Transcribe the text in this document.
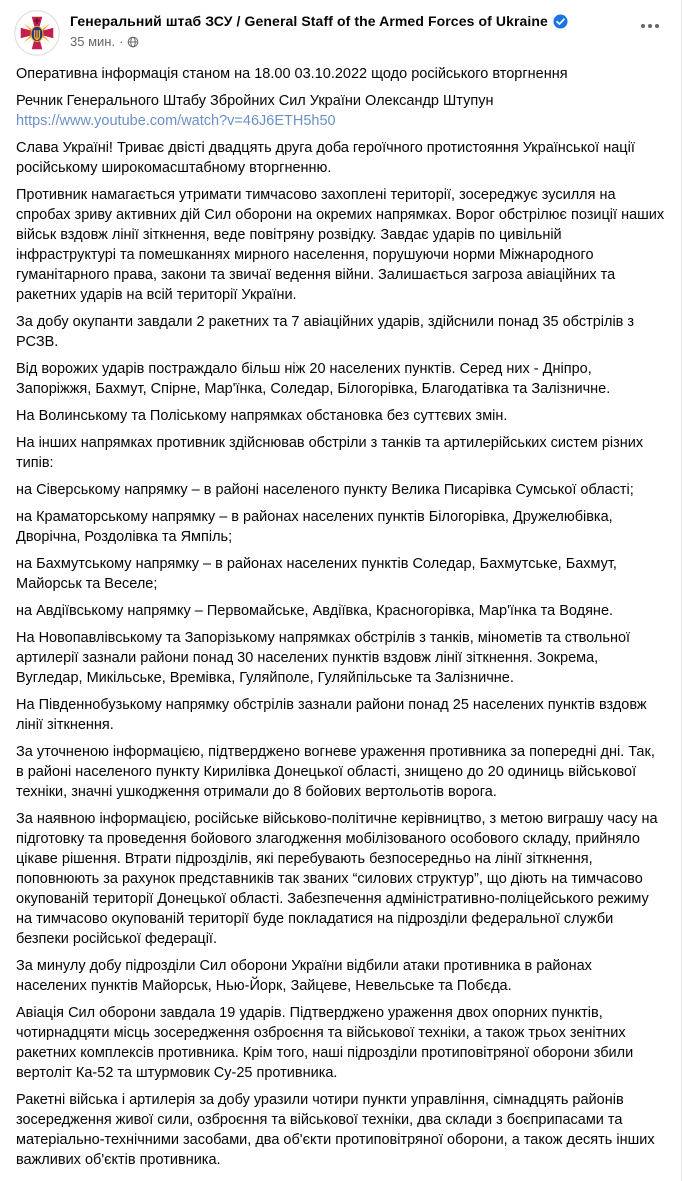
Генеральний штаб ЗСУ / General Staff of the Armed Forces of Ukraine
35 мин. ·
Оперативна інформація станом на 18.00 03.10.2022 щодо російського вторгнення
Речник Генерального Штабу Збройних Сил України Олександр Штупун
https://www.youtube.com/watch?v=46J6ETH5h50
Слава Україні! Триває двісті двадцять друга доба героїчного протистояння Української нації російському широкомасштабному вторгненню.
Противник намагається утримати тимчасово захоплені території, зосереджує зусилля на спробах зриву активних дій Сил оборони на окремих напрямках. Ворог обстрілює позиції наших військ вздовж лінії зіткнення, веде повітряну розвідку. Завдає ударів по цивільній інфраструктурі та помешканнях мирного населення, порушуючи норми Міжнародного гуманітарного права, закони та звичаї ведення війни. Залишається загроза авіаційних та ракетних ударів на всій території України.
За добу окупанти завдали 2 ракетних та 7 авіаційних ударів, здійснили понад 35 обстрілів з РСЗВ.
Від ворожих ударів постраждало більш ніж 20 населених пунктів. Серед них - Дніпро, Запоріжжя, Бахмут, Спірне, Мар'їнка, Соледар, Білогорівка, Благодатівка та Залізничне.
На Волинському та Поліському напрямках обстановка без суттєвих змін.
На інших напрямках противник здійснював обстріли з танків та артилерійських систем різних типів:
на Сіверському напрямку – в районі населеного пункту Велика Писарівка Сумської області;
на Краматорському напрямку – в районах населених пунктів Білогорівка, Дружелюбівка, Дворічна, Роздолівка та Ямпіль;
на Бахмутському напрямку – в районах населених пунктів Соледар, Бахмутське, Бахмут, Майорськ та Веселе;
на Авдіївському напрямку – Первомайське, Авдіївка, Красногорівка, Мар'їнка та Водяне.
На Новопавлівському та Запорізькому напрямках обстрілів з танків, мінометів та ствольної артилерії зазнали райони понад 30 населених пунктів вздовж лінії зіткнення. Зокрема, Вугледар, Микільське, Времівка, Гуляйполе, Гуляйпільське та Залізничне.
На Південнобузькому напрямку обстрілів зазнали райони понад 25 населених пунктів вздовж лінії зіткнення.
За уточненою інформацією, підтверджено вогневе ураження противника за попередні дні. Так, в районі населеного пункту Кирилівка Донецької області, знищено до 20 одиниць військової техніки, значні ушкодження отримали до 8 бойових вертольотів ворога.
За наявною інформацією, російське військово-політичне керівництво, з метою виграшу часу на підготовку та проведення бойового злагодження мобілізованого особового складу, прийняло цікаве рішення. Втрати підрозділів, які перебувають безпосередньо на лінії зіткнення, поповнюють за рахунок представників так званих “силових структур”, що діють на тимчасово окупованій території Донецької області. Забезпечення адміністративно-поліцейського режиму на тимчасово окупованій території буде покладатися на підрозділи федеральної служби безпеки російської федерації.
За минулу добу підрозділи Сил оборони України відбили атаки противника в районах населених пунктів Майорськ, Нью-Йорк, Зайцеве, Невельське та Побєда.
Авіація Сил оборони завдала 19 ударів. Підтверджено ураження двох опорних пунктів, чотирнадцяти місць зосередження озброєння та військової техніки, а також трьох зенітних ракетних комплексів противника. Крім того, наші підрозділи протиповітряної оборони збили вертоліт Ка-52 та штурмовик Су-25 противника.
Ракетні війська і артилерія за добу уразили чотири пункти управління, сімнадцять районів зосередження живої сили, озброєння та військової техніки, два склади з боєприпасами та матеріально-технічними засобами, два об'єкти протиповітряної оборони, а також десять інших важливих об'єктів противника.
